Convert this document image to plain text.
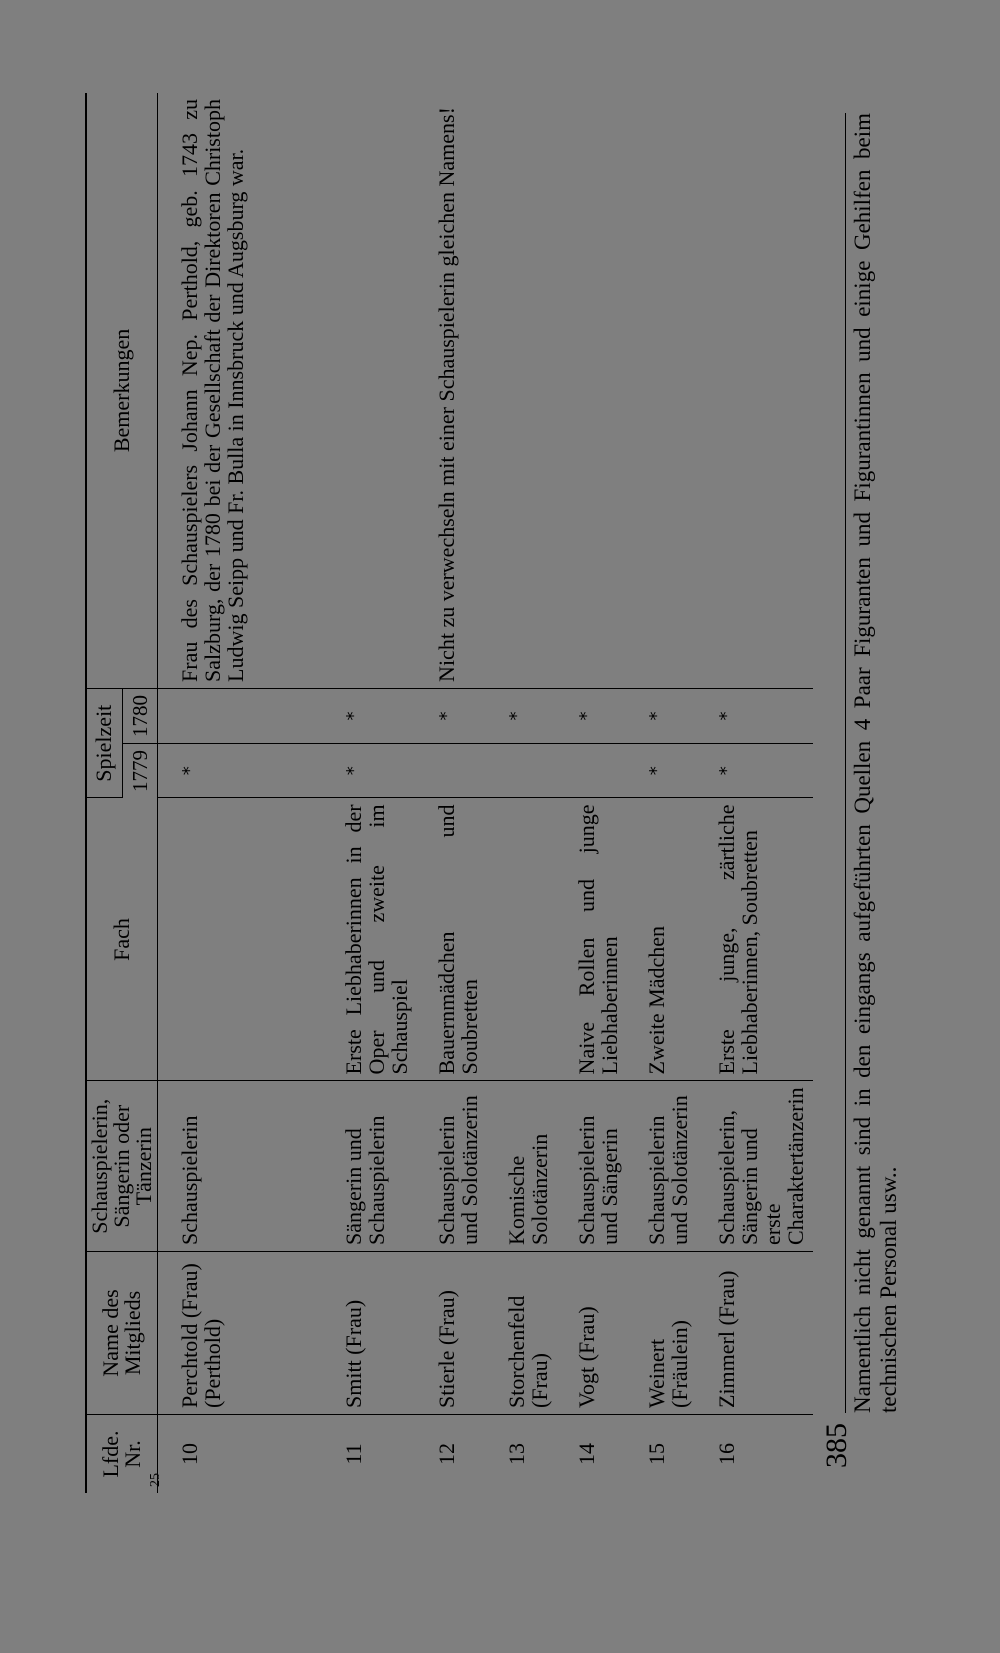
Lfde. Nr.	Name des Mitglieds	Schauspielerin, Sängerin oder Tänzerin	Fach	Spielzeit		Bemerkungen
				1779	1780	
10	Perchtold (Frau) (Perthold)	Schauspielerin		*		Frau des Schauspielers Johann Nep. Perthold, geb. 1743 zu Salzburg, der 1780 bei der Gesellschaft der Direktoren Christoph Ludwig Seipp und Fr. Bulla in Innsbruck und Augsburg war.
11	Smitt (Frau)	Sängerin und Schauspielerin	Erste Liebhaberinnen in der Oper und zweite im Schauspiel	*	*	
12	Stierle (Frau)	Schauspielerin und Solotänzerin	Bauernmädchen und Soubretten		*	Nicht zu verwechseln mit einer Schauspielerin gleichen Namens!
13	Storchenfeld (Frau)	Komische Solotänzerin			*	
14	Vogt (Frau)	Schauspielerin und Sängerin	Naive Rollen und junge Liebhaberinnen		*	
15	Weinert (Fräulein)	Schauspielerin und Solotänzerin	Zweite Mädchen	*	*	
16	Zimmerl (Frau)	Schauspielerin, Sängerin und erste Charaktertänzerin	Erste junge, zärtliche Liebhaberinnen, Soubretten	*	*		Namentlich nicht genannt sind in den eingangs aufgeführten Quellen 4 Paar Figuranten und Figurantinnen und einige Gehilfen beim technischen Personal usw..
25
385
